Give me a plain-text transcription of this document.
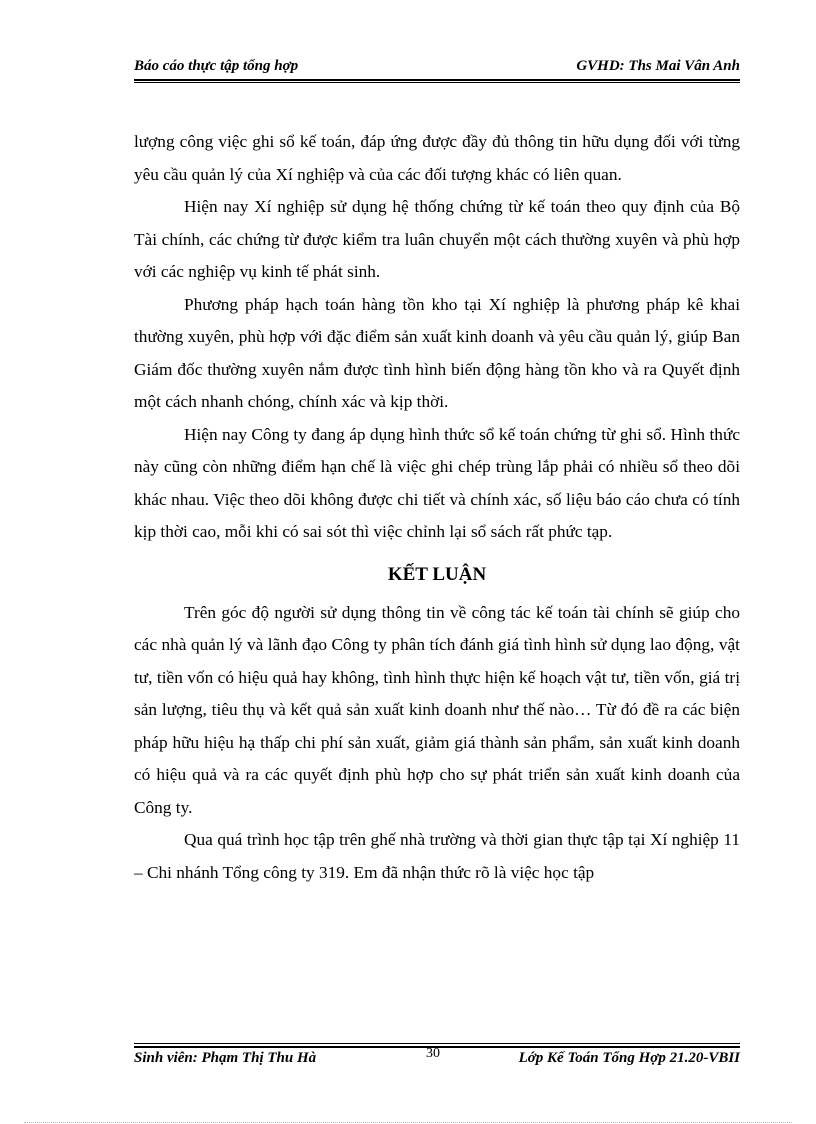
Báo cáo thực tập tổng hợp	GVHD: Ths Mai Vân Anh

lượng công việc ghi sổ kế toán, đáp ứng được đầy đủ thông tin hữu dụng đối với từng yêu cầu quản lý của Xí nghiệp và của các đối tượng khác có liên quan.

Hiện nay Xí nghiệp sử dụng hệ thống chứng từ kế toán theo quy định của Bộ Tài chính, các chứng từ được kiểm tra luân chuyển một cách thường xuyên và phù hợp với các nghiệp vụ kinh tế phát sinh.

Phương pháp hạch toán hàng tồn kho tại Xí nghiệp là phương pháp kê khai thường xuyên, phù hợp với đặc điểm sản xuất kinh doanh và yêu cầu quản lý, giúp Ban Giám đốc thường xuyên nắm được tình hình biến động hàng tồn kho và ra Quyết định một cách nhanh chóng, chính xác và kịp thời.

Hiện nay Công ty đang áp dụng hình thức sổ kế toán chứng từ ghi sổ. Hình thức này cũng còn những điểm hạn chế là việc ghi chép trùng lắp phải có nhiều sổ theo dõi khác nhau. Việc theo dõi không được chi tiết và chính xác, số liệu báo cáo chưa có tính kịp thời cao, mỗi khi có sai sót thì việc chỉnh lại sổ sách rất phức tạp.

KẾT LUẬN

Trên góc độ người sử dụng thông tin về công tác kế toán tài chính sẽ giúp cho các nhà quản lý và lãnh đạo Công ty phân tích đánh giá tình hình sử dụng lao động, vật tư, tiền vốn có hiệu quả hay không, tình hình thực hiện kế hoạch vật tư, tiền vốn, giá trị sản lượng, tiêu thụ và kết quả sản xuất kinh doanh như thế nào… Từ đó đề ra các biện pháp hữu hiệu hạ thấp chi phí sản xuất, giảm giá thành sản phẩm, sản xuất kinh doanh có hiệu quả và ra các quyết định phù hợp cho sự phát triển sản xuất kinh doanh của Công ty.

Qua quá trình học tập trên ghế nhà trường và thời gian thực tập tại Xí nghiệp 11 – Chi nhánh Tổng công ty 319. Em đã nhận thức rõ là việc học tập

Sinh viên: Phạm Thị Thu Hà	30	Lớp Kế Toán Tổng Hợp 21.20-VBII
